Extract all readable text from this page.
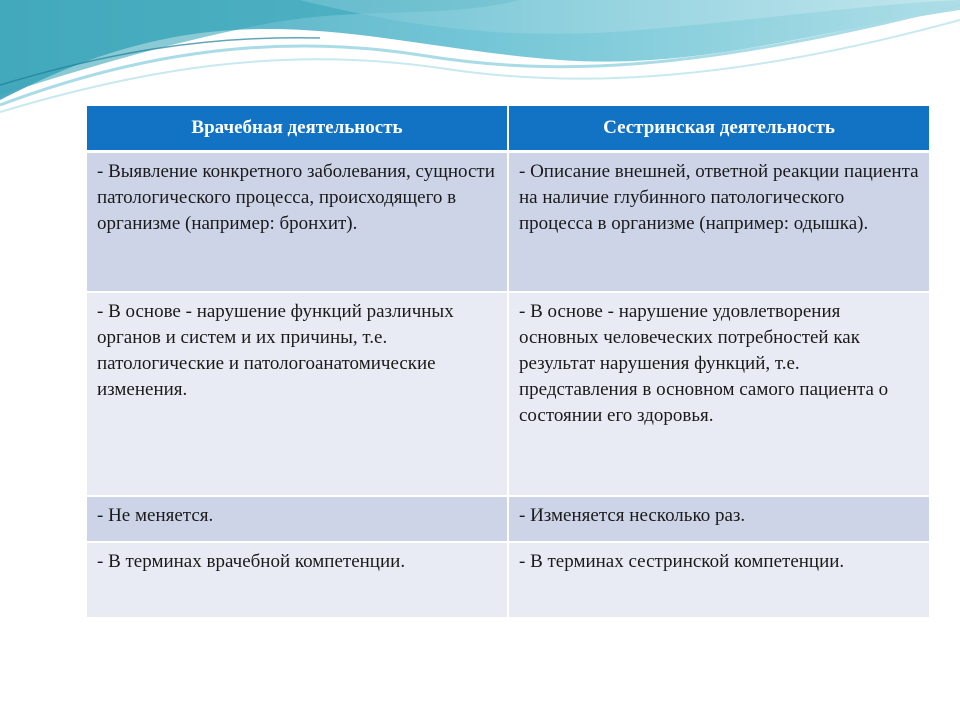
Врачебная деятельность	Сестринская деятельность
- Выявление конкретного заболевания, сущности патологического процесса, происходящего в организме (например: бронхит).	- Описание внешней, ответной реакции пациента на наличие глубинного патологического процесса в организме (например: одышка).
- В основе - нарушение функций различных органов и систем и их причины, т.е. патологические и патологоанатомические изменения.	- В основе - нарушение удовлетворения основных человеческих потребностей как результат нарушения функций, т.е. представления в основном самого пациента о состоянии его здоровья.
- Не меняется.	- Изменяется несколько раз.
- В терминах врачебной компетенции.	- В терминах сестринской компетенции.
